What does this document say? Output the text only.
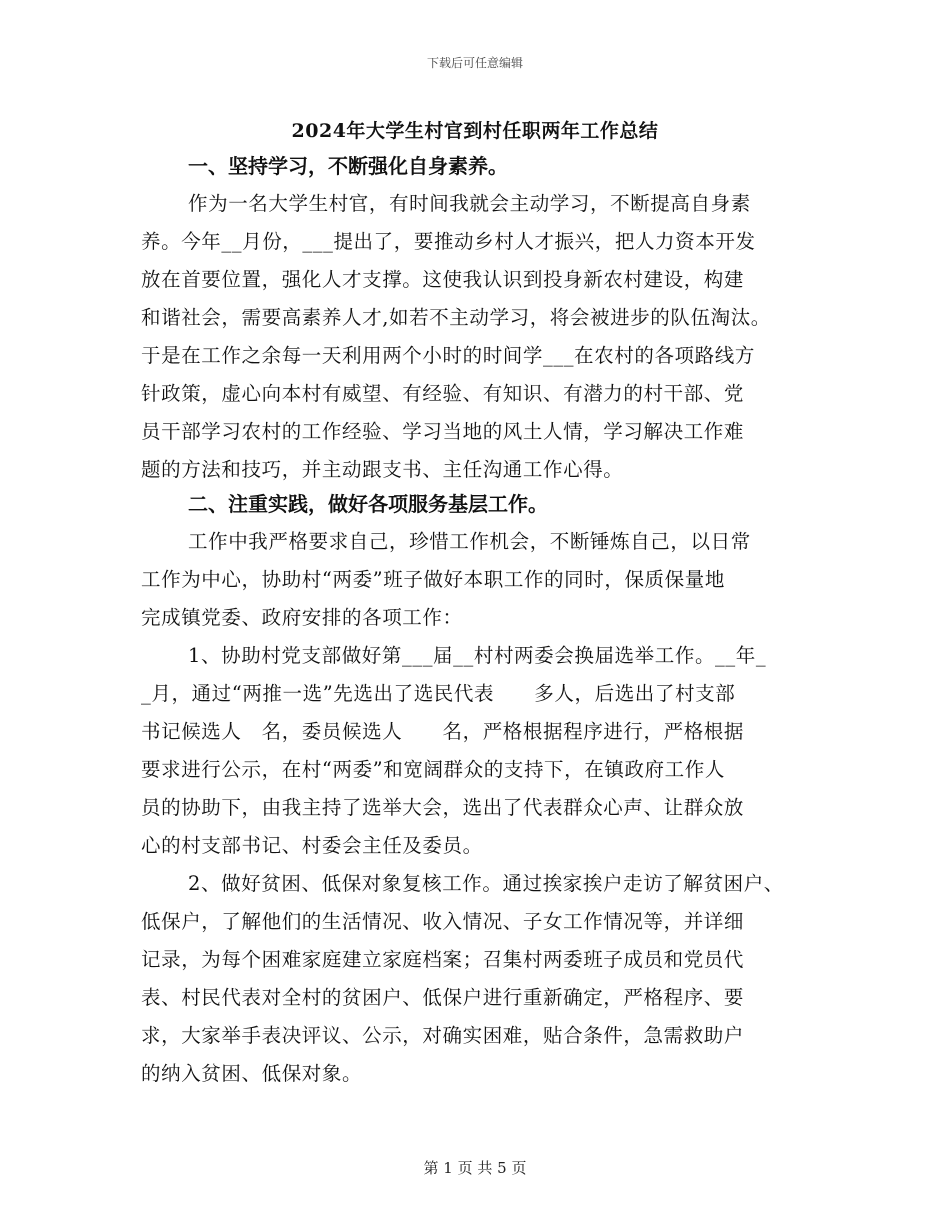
下载后可任意编辑
2024年大学生村官到村任职两年工作总结
一、坚持学习，不断强化自身素养。
作为一名大学生村官，有时间我就会主动学习，不断提高自身素
养。今年__月份，___提出了，要推动乡村人才振兴，把人力资本开发
放在首要位置，强化人才支撑。这使我认识到投身新农村建设，构建
和谐社会，需要高素养人才,如若不主动学习，将会被进步的队伍淘汰。
于是在工作之余每一天利用两个小时的时间学___在农村的各项路线方
针政策，虚心向本村有威望、有经验、有知识、有潜力的村干部、党
员干部学习农村的工作经验、学习当地的风土人情，学习解决工作难
题的方法和技巧，并主动跟支书、主任沟通工作心得。
二、注重实践，做好各项服务基层工作。
工作中我严格要求自己，珍惜工作机会，不断锤炼自己，以日常
工作为中心，协助村“两委”班子做好本职工作的同时，保质保量地
完成镇党委、政府安排的各项工作：
1、协助村党支部做好第___届__村村两委会换届选举工作。__年_
_月，通过“两推一选”先选出了选民代表　　多人，后选出了村支部
书记候选人　名，委员候选人　　名，严格根据程序进行，严格根据
要求进行公示，在村“两委”和宽阔群众的支持下，在镇政府工作人
员的协助下，由我主持了选举大会，选出了代表群众心声、让群众放
心的村支部书记、村委会主任及委员。
2、做好贫困、低保对象复核工作。通过挨家挨户走访了解贫困户、
低保户，了解他们的生活情况、收入情况、子女工作情况等，并详细
记录，为每个困难家庭建立家庭档案；召集村两委班子成员和党员代
表、村民代表对全村的贫困户、低保户进行重新确定，严格程序、要
求，大家举手表决评议、公示，对确实困难，贴合条件，急需救助户
的纳入贫困、低保对象。
第 1 页 共 5 页
